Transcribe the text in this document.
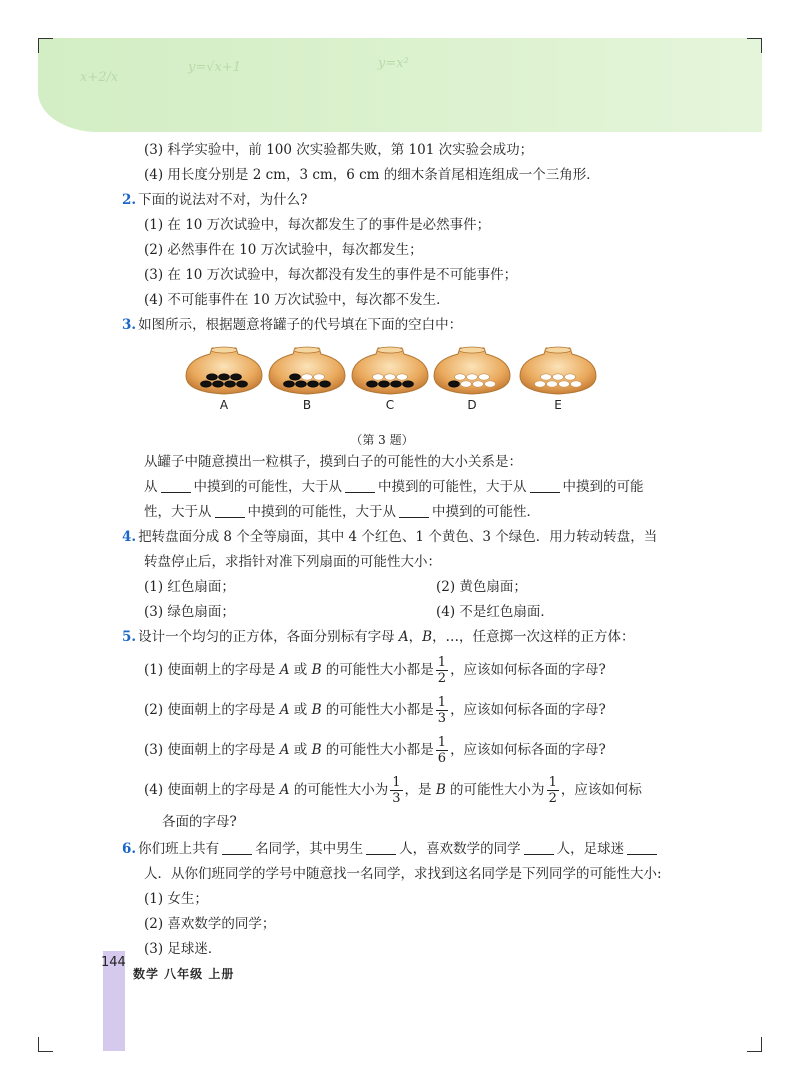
x+2/x
y=√x+1	y=x²
(3) 科学实验中，前 100 次实验都失败，第 101 次实验会成功；
(4) 用长度分别是 2 cm，3 cm，6 cm 的细木条首尾相连组成一个三角形．
2. 下面的说法对不对，为什么?
(1) 在 10 万次试验中，每次都发生了的事件是必然事件；
(2) 必然事件在 10 万次试验中，每次都发生；
(3) 在 10 万次试验中，每次都没有发生的事件是不可能事件；
(4) 不可能事件在 10 万次试验中，每次都不发生．
3. 如图所示，根据题意将罐子的代号填在下面的空白中：
A	B	C	D	E
（第 3 题）
从罐子中随意摸出一粒棋子，摸到白子的可能性的大小关系是：
从	中摸到的可能性，大于从	中摸到的可能性，大于从	中摸到的可能
性，大于从	中摸到的可能性，大于从	中摸到的可能性．
4. 把转盘面分成 8 个全等扇面，其中 4 个红色、1 个黄色、3 个绿色．用力转动转盘，当
转盘停止后，求指针对准下列扇面的可能性大小：
(1) 红色扇面；	(2) 黄色扇面；
(3) 绿色扇面；	(4) 不是红色扇面．
5. 设计一个均匀的正方体，各面分别标有字母 A，B，…，任意掷一次这样的正方体：
(1) 使面朝上的字母是 A 或 B 的可能性大小都是 $\frac{1}{2}$ ，应该如何标各面的字母?
(2) 使面朝上的字母是 A 或 B 的可能性大小都是 $\frac{1}{3}$ ，应该如何标各面的字母?
(3) 使面朝上的字母是 A 或 B 的可能性大小都是 $\frac{1}{6}$ ，应该如何标各面的字母?
(4) 使面朝上的字母是 A 的可能性大小为 $\frac{1}{3}$ ，是 B 的可能性大小为 $\frac{1}{2}$ ，应该如何标
各面的字母?
6. 你们班上共有	名同学，其中男生	人，喜欢数学的同学	人，足球迷
人．从你们班同学的学号中随意找一名同学，求找到这名同学是下列同学的可能性大小:
(1) 女生；
(2) 喜欢数学的同学；
(3) 足球迷．
144
数学 八年级 上册
